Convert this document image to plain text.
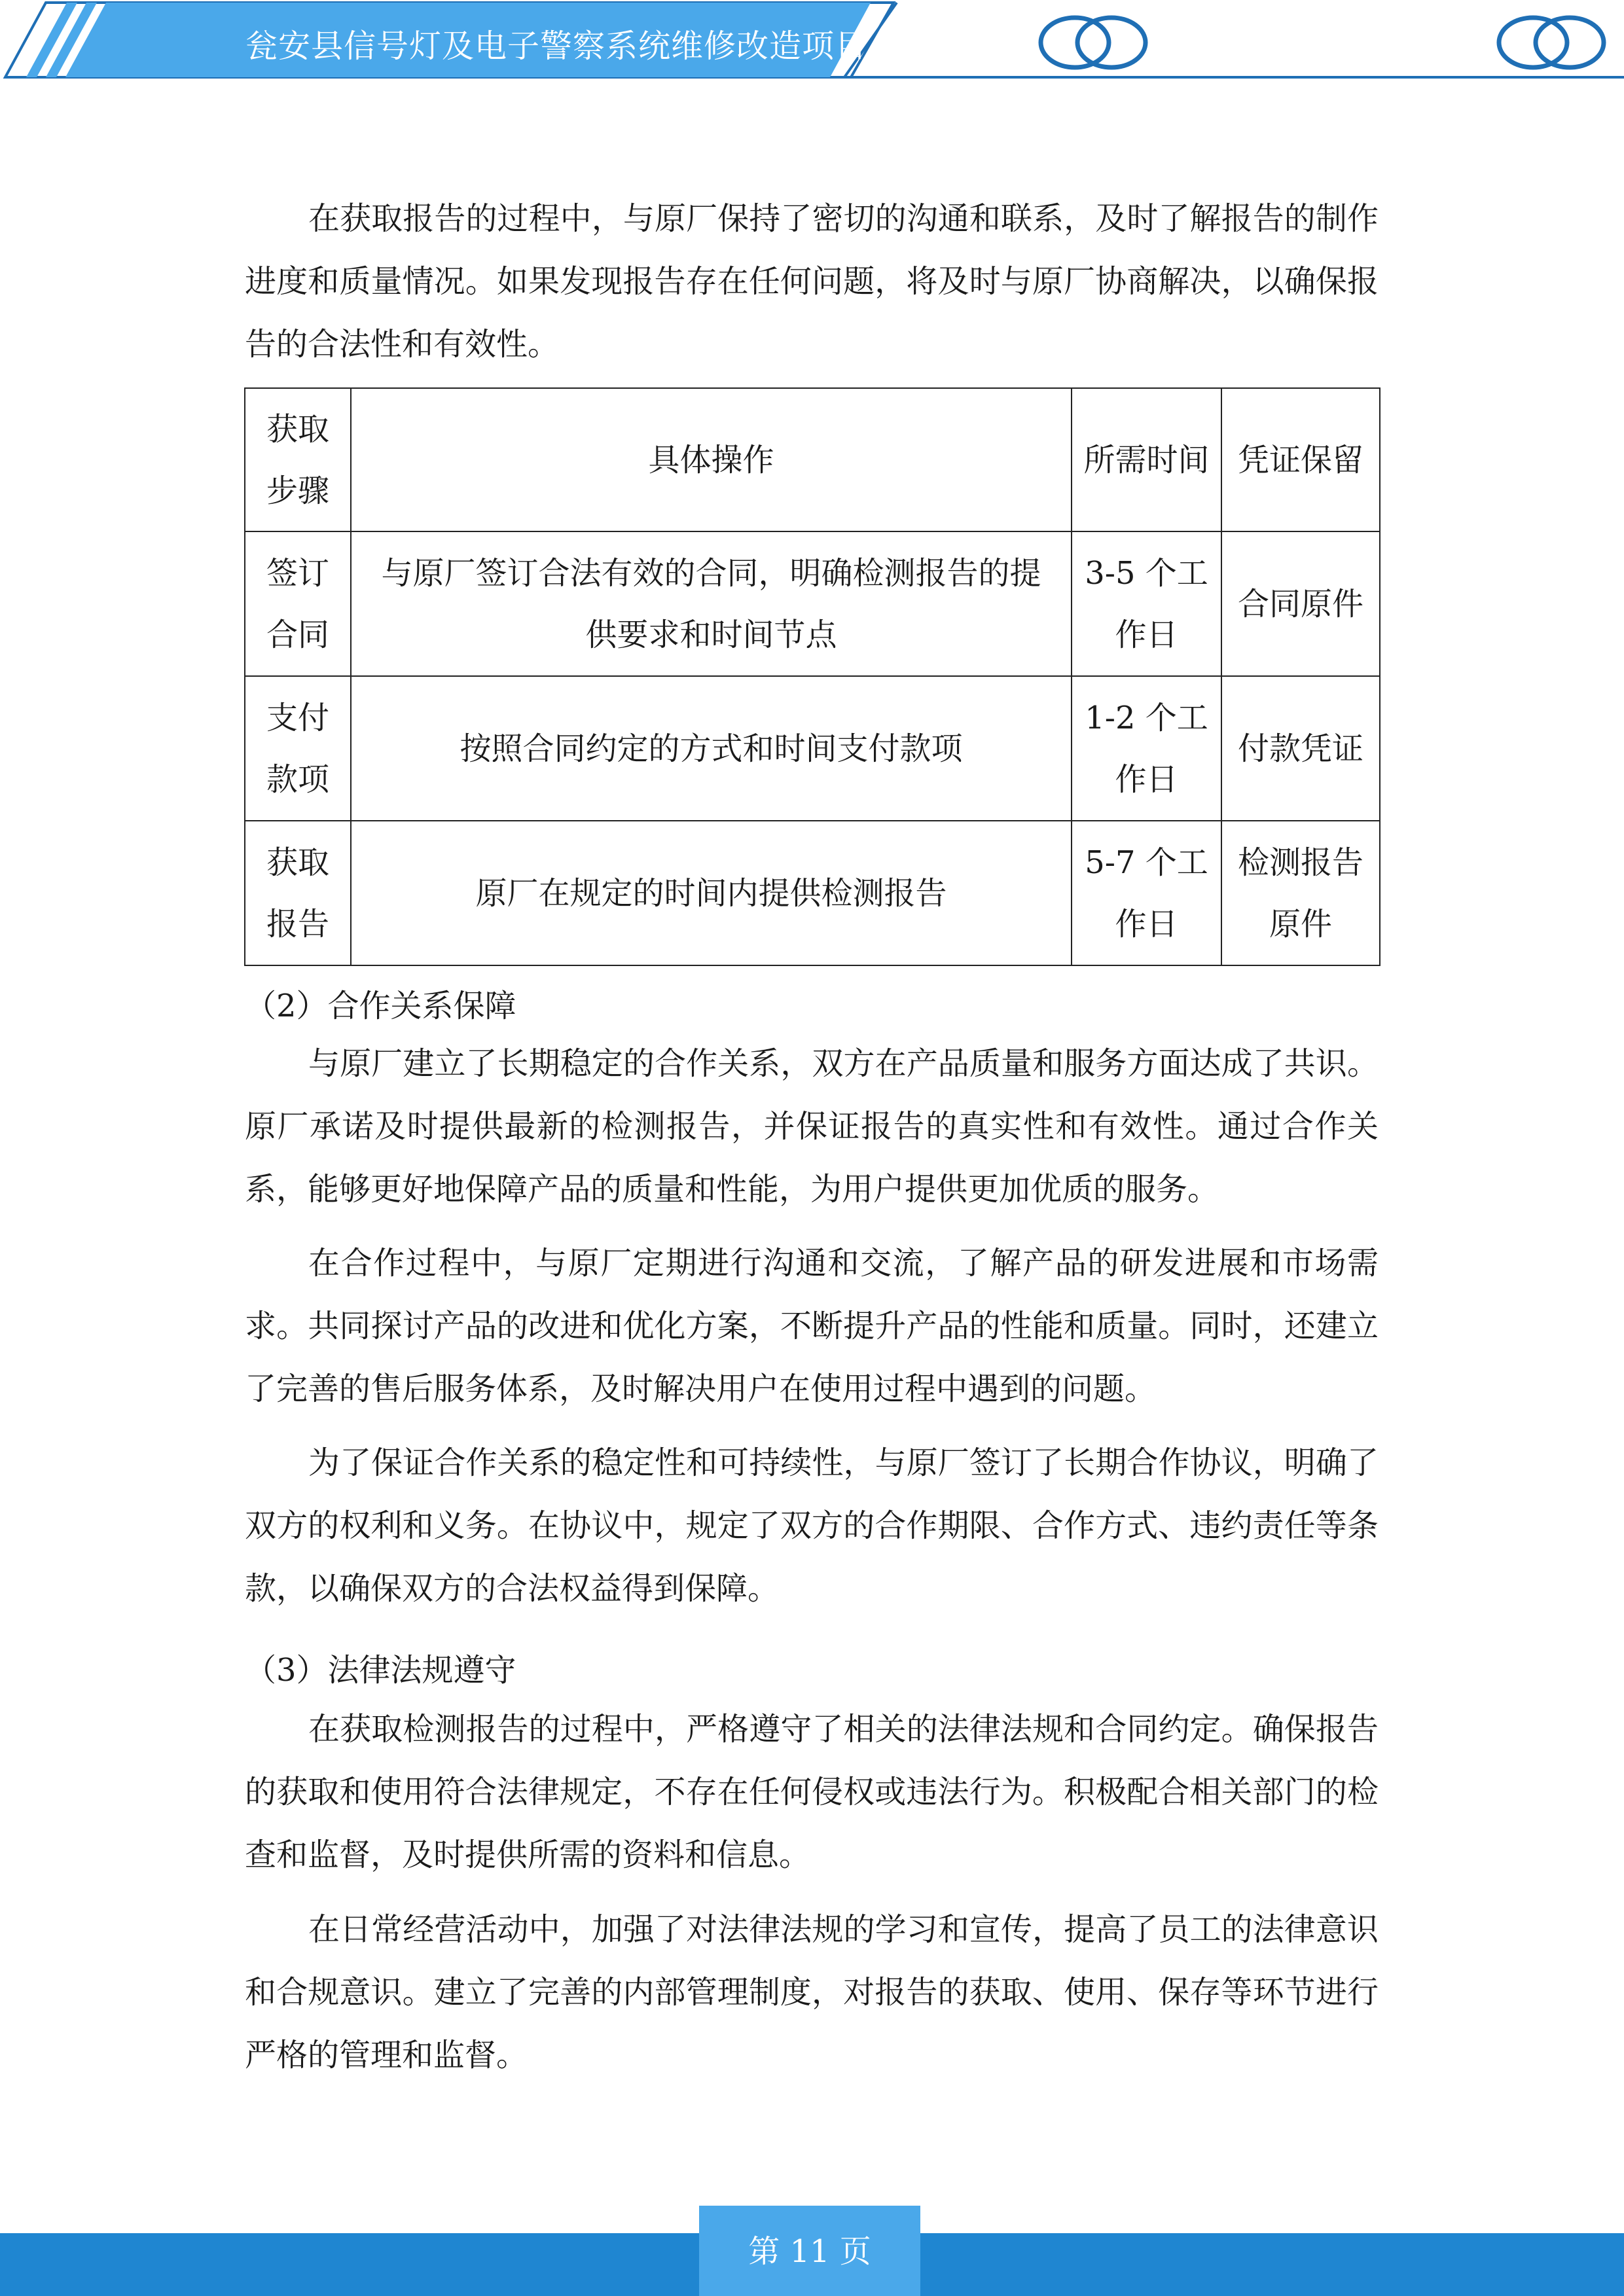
瓮安县信号灯及电子警察系统维修改造项目

在获取报告的过程中，与原厂保持了密切的沟通和联系，及时了解报告的制作进度和质量情况。如果发现报告存在任何问题，将及时与原厂协商解决，以确保报告的合法性和有效性。

获取步骤	具体操作	所需时间	凭证保留
签订合同	与原厂签订合法有效的合同，明确检测报告的提供要求和时间节点	3-5 个工作日	合同原件
支付款项	按照合同约定的方式和时间支付款项	1-2 个工作日	付款凭证
获取报告	原厂在规定的时间内提供检测报告	5-7 个工作日	检测报告原件
（2）合作关系保障

与原厂建立了长期稳定的合作关系，双方在产品质量和服务方面达成了共识。原厂承诺及时提供最新的检测报告，并保证报告的真实性和有效性。通过合作关系，能够更好地保障产品的质量和性能，为用户提供更加优质的服务。

在合作过程中，与原厂定期进行沟通和交流，了解产品的研发进展和市场需求。共同探讨产品的改进和优化方案，不断提升产品的性能和质量。同时，还建立了完善的售后服务体系，及时解决用户在使用过程中遇到的问题。

为了保证合作关系的稳定性和可持续性，与原厂签订了长期合作协议，明确了双方的权利和义务。在协议中，规定了双方的合作期限、合作方式、违约责任等条款，以确保双方的合法权益得到保障。

（3）法律法规遵守

在获取检测报告的过程中，严格遵守了相关的法律法规和合同约定。确保报告的获取和使用符合法律规定，不存在任何侵权或违法行为。积极配合相关部门的检查和监督，及时提供所需的资料和信息。

在日常经营活动中，加强了对法律法规的学习和宣传，提高了员工的法律意识和合规意识。建立了完善的内部管理制度，对报告的获取、使用、保存等环节进行严格的管理和监督。

第 11 页
